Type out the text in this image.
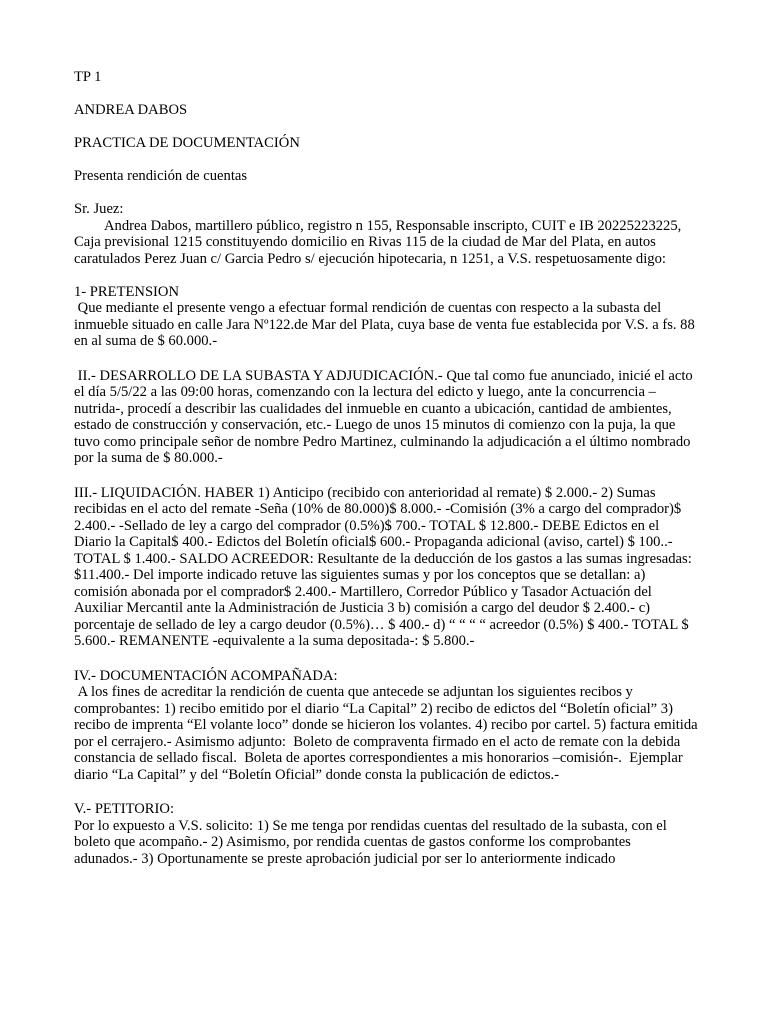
TP 1

ANDREA DABOS

PRACTICA DE DOCUMENTACIÓN

Presenta rendición de cuentas

Sr. Juez:

Andrea Dabos, martillero público, registro n 155, Responsable inscripto, CUIT e IB 20225223225, Caja previsional 1215 constituyendo domicilio en Rivas 115 de la ciudad de Mar del Plata, en autos caratulados Perez Juan c/ Garcia Pedro s/ ejecución hipotecaria, n 1251, a V.S. respetuosamente digo:

1- PRETENSION

Que mediante el presente vengo a efectuar formal rendición de cuentas con respecto a la subasta del inmueble situado en calle Jara Nº122.de Mar del Plata, cuya base de venta fue establecida por V.S. a fs. 88 en al suma de $ 60.000.-

II.- DESARROLLO DE LA SUBASTA Y ADJUDICACIÓN.- Que tal como fue anunciado, inicié el acto el día 5/5/22 a las 09:00 horas, comenzando con la lectura del edicto y luego, ante la concurrencia –nutrida-, procedí a describir las cualidades del inmueble en cuanto a ubicación, cantidad de ambientes, estado de construcción y conservación, etc.- Luego de unos 15 minutos di comienzo con la puja, la que tuvo como principale señor de nombre Pedro Martinez, culminando la adjudicación a el último nombrado por la suma de $ 80.000.-

III.- LIQUIDACIÓN. HABER 1) Anticipo (recibido con anterioridad al remate) $ 2.000.- 2) Sumas recibidas en el acto del remate -Seña (10% de 80.000)$ 8.000.- -Comisión (3% a cargo del comprador)$ 2.400.- -Sellado de ley a cargo del comprador (0.5%)$ 700.- TOTAL $ 12.800.- DEBE Edictos en el Diario la Capital$ 400.- Edictos del Boletín oficial$ 600.- Propaganda adicional (aviso, cartel) $ 100..- TOTAL $ 1.400.- SALDO ACREEDOR: Resultante de la deducción de los gastos a las sumas ingresadas: $11.400.- Del importe indicado retuve las siguientes sumas y por los conceptos que se detallan: a) comisión abonada por el comprador$ 2.400.- Martillero, Corredor Público y Tasador Actuación del Auxiliar Mercantil ante la Administración de Justicia 3 b) comisión a cargo del deudor $ 2.400.- c) porcentaje de sellado de ley a cargo deudor (0.5%)… $ 400.- d) “ “ “ “ acreedor (0.5%) $ 400.- TOTAL $ 5.600.- REMANENTE -equivalente a la suma depositada-: $ 5.800.-

IV.- DOCUMENTACIÓN ACOMPAÑADA:

A los fines de acreditar la rendición de cuenta que antecede se adjuntan los siguientes recibos y comprobantes: 1) recibo emitido por el diario “La Capital” 2) recibo de edictos del “Boletín oficial” 3) recibo de imprenta “El volante loco” donde se hicieron los volantes. 4) recibo por cartel. 5) factura emitida por el cerrajero.- Asimismo adjunto:  Boleto de compraventa firmado en el acto de remate con la debida constancia de sellado fiscal.  Boleta de aportes correspondientes a mis honorarios –comisión-.  Ejemplar diario “La Capital” y del “Boletín Oficial” donde consta la publicación de edictos.-

V.- PETITORIO:

Por lo expuesto a V.S. solicito: 1) Se me tenga por rendidas cuentas del resultado de la subasta, con el boleto que acompaño.- 2) Asimismo, por rendida cuentas de gastos conforme los comprobantes adunados.- 3) Oportunamente se preste aprobación judicial por ser lo anteriormente indicado
